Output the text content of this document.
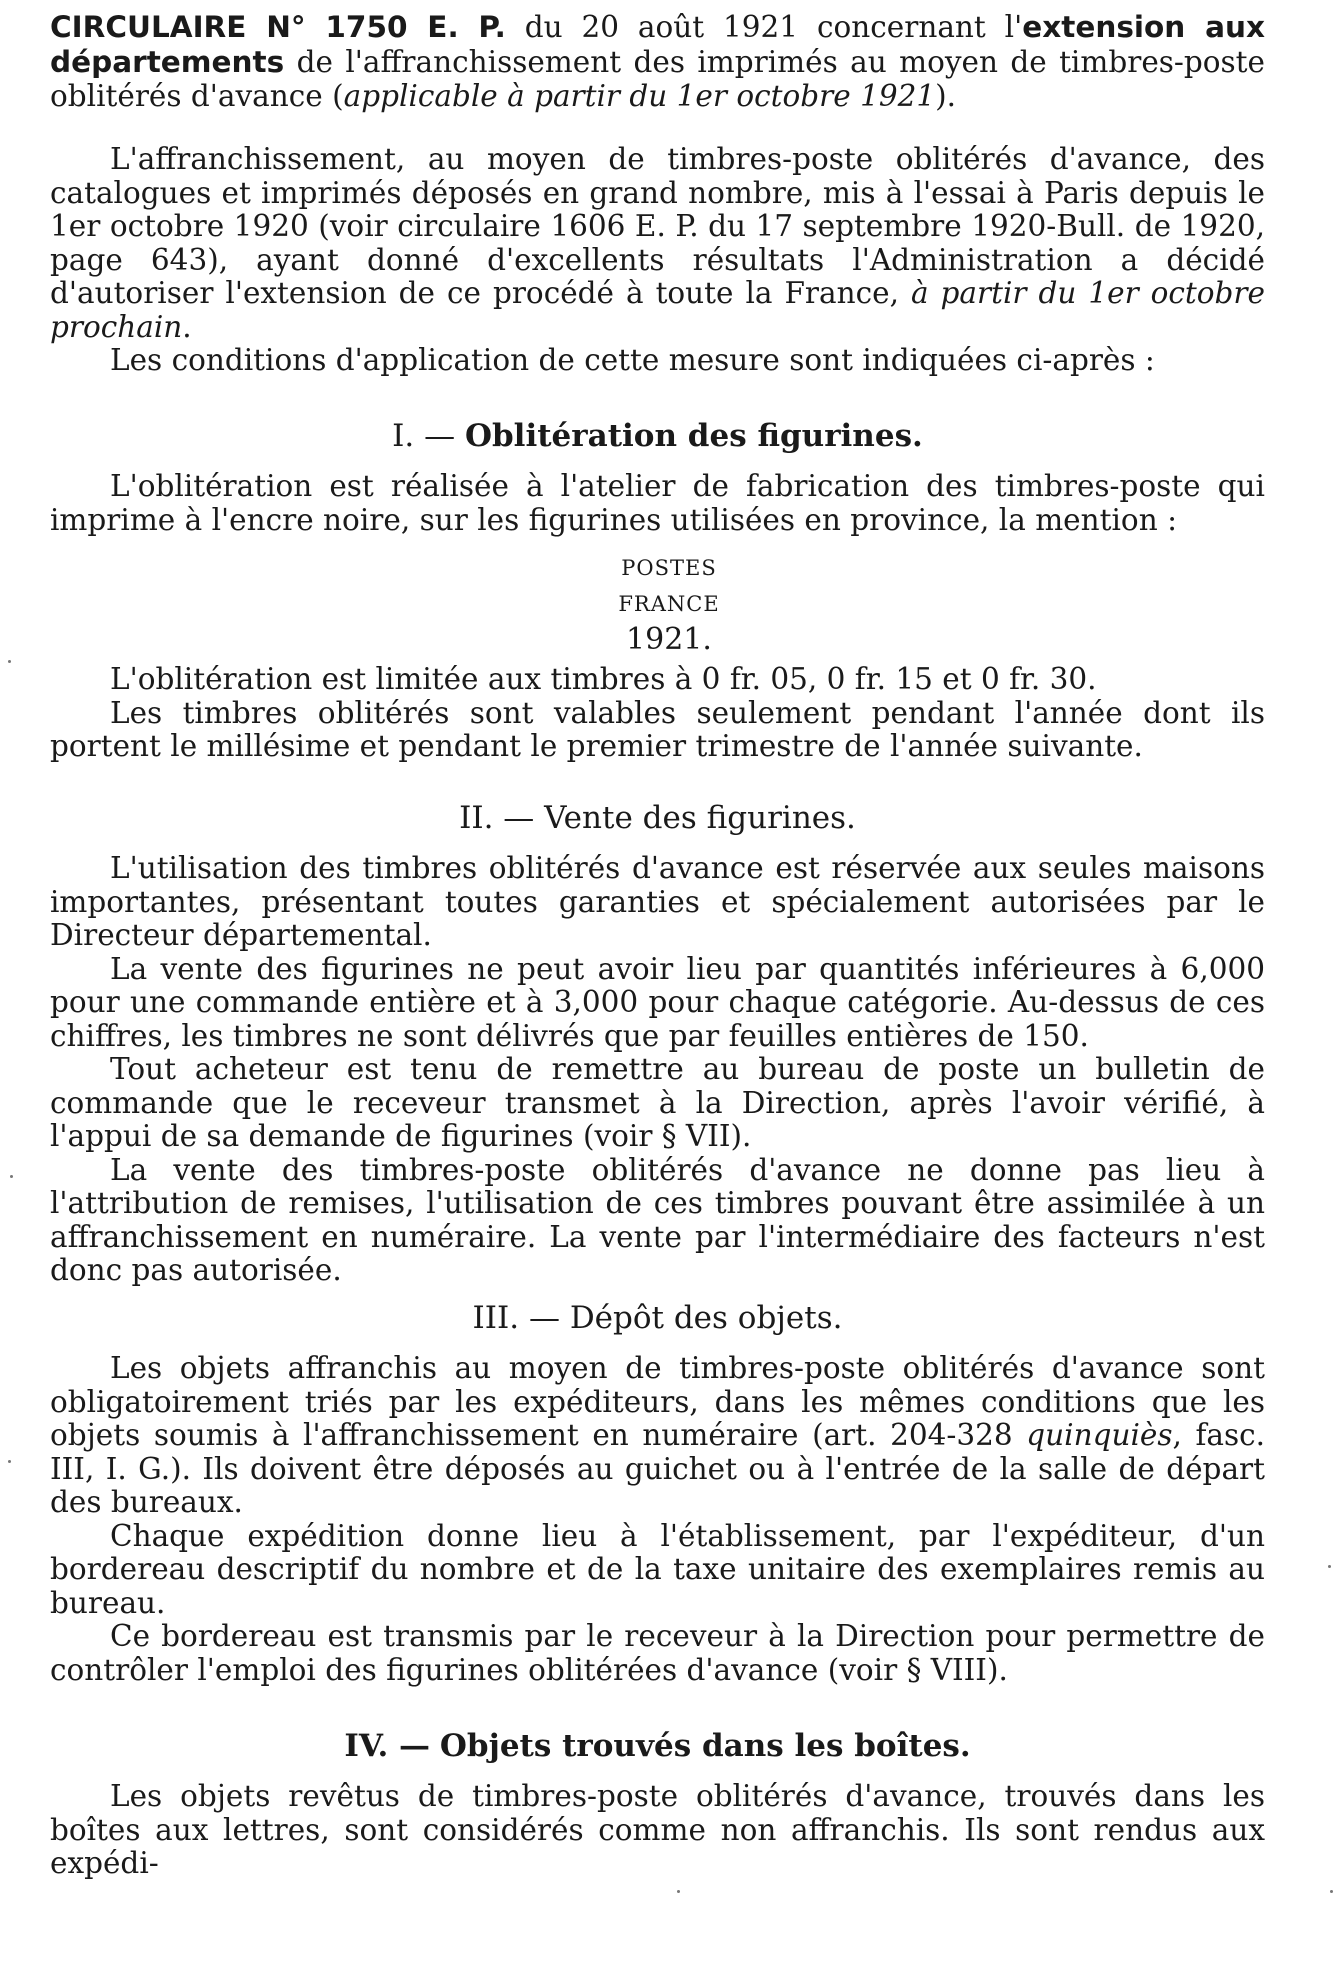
CIRCULAIRE N° 1750 E. P. du 20 août 1921 concernant l'extension aux départements de l'affranchissement des imprimés au moyen de timbres-poste oblitérés d'avance (applicable à partir du 1er octobre 1921).

L'affranchissement, au moyen de timbres-poste oblitérés d'avance, des catalogues et imprimés déposés en grand nombre, mis à l'essai à Paris depuis le 1er octobre 1920 (voir circulaire 1606 E. P. du 17 septembre 1920-Bull. de 1920, page 643), ayant donné d'excellents résultats l'Administration a décidé d'autoriser l'extension de ce procédé à toute la France, à partir du 1er octobre prochain.

Les conditions d'application de cette mesure sont indiquées ci-après :

I. — Oblitération des figurines.

L'oblitération est réalisée à l'atelier de fabrication des timbres-poste qui imprime à l'encre noire, sur les figurines utilisées en province, la mention :

POSTES
FRANCE
1921.

L'oblitération est limitée aux timbres à 0 fr. 05, 0 fr. 15 et 0 fr. 30.

Les timbres oblitérés sont valables seulement pendant l'année dont ils portent le millésime et pendant le premier trimestre de l'année suivante.

II. — Vente des figurines.

L'utilisation des timbres oblitérés d'avance est réservée aux seules maisons importantes, présentant toutes garanties et spécialement autorisées par le Directeur départemental.

La vente des figurines ne peut avoir lieu par quantités inférieures à 6,000 pour une commande entière et à 3,000 pour chaque catégorie. Au-dessus de ces chiffres, les timbres ne sont délivrés que par feuilles entières de 150.

Tout acheteur est tenu de remettre au bureau de poste un bulletin de commande que le receveur transmet à la Direction, après l'avoir vérifié, à l'appui de sa demande de figurines (voir § VII).

La vente des timbres-poste oblitérés d'avance ne donne pas lieu à l'attribution de remises, l'utilisation de ces timbres pouvant être assimilée à un affranchissement en numéraire. La vente par l'intermédiaire des facteurs n'est donc pas autorisée.

III. — Dépôt des objets.

Les objets affranchis au moyen de timbres-poste oblitérés d'avance sont obligatoirement triés par les expéditeurs, dans les mêmes conditions que les objets soumis à l'affranchissement en numéraire (art. 204-328 quinquiès, fasc. III, I. G.). Ils doivent être déposés au guichet ou à l'entrée de la salle de départ des bureaux.

Chaque expédition donne lieu à l'établissement, par l'expéditeur, d'un bordereau descriptif du nombre et de la taxe unitaire des exemplaires remis au bureau.

Ce bordereau est transmis par le receveur à la Direction pour permettre de contrôler l'emploi des figurines oblitérées d'avance (voir § VIII).

IV. — Objets trouvés dans les boîtes.

Les objets revêtus de timbres-poste oblitérés d'avance, trouvés dans les boîtes aux lettres, sont considérés comme non affranchis. Ils sont rendus aux expédi-
